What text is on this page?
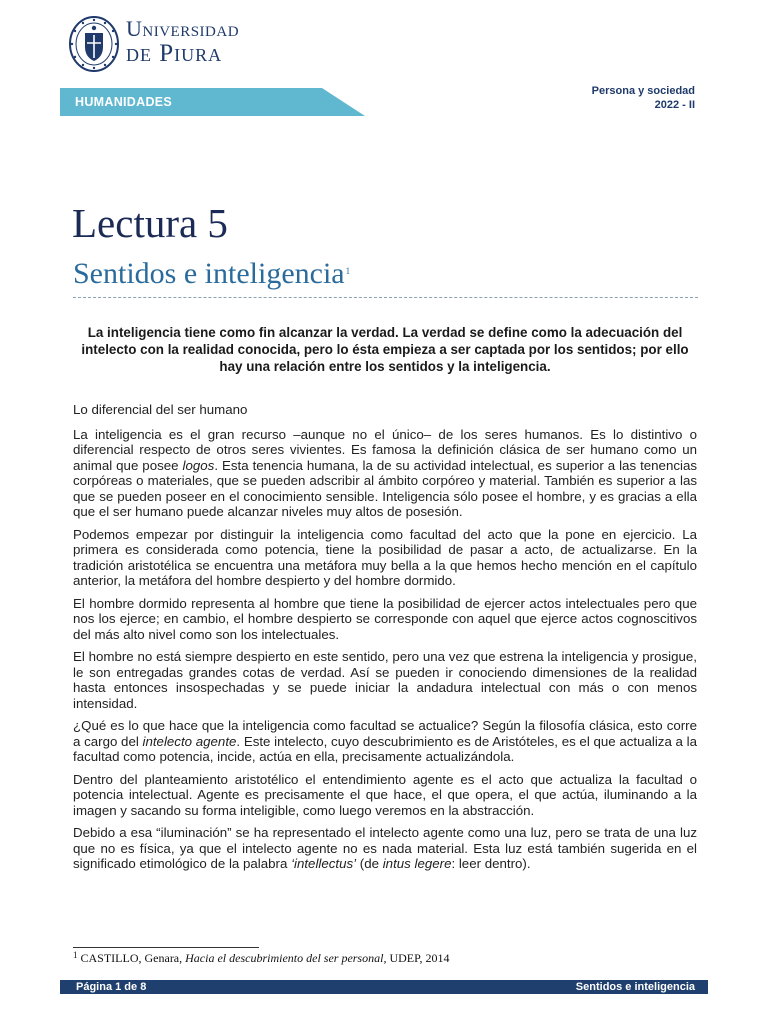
Universidad
de Piura
HUMANIDADES
Persona y sociedad
2022 - II
Lectura 5
Sentidos e inteligencia$^1$
La inteligencia tiene como fin alcanzar la verdad. La verdad se define como la adecuación del intelecto con la realidad conocida, pero lo ésta empieza a ser captada por los sentidos; por ello hay una relación entre los sentidos y la inteligencia.

Lo diferencial del ser humano

La inteligencia es el gran recurso –aunque no el único– de los seres humanos. Es lo distintivo o diferencial respecto de otros seres vivientes. Es famosa la definición clásica de ser humano como un animal que posee logos. Esta tenencia humana, la de su actividad intelectual, es superior a las tenencias corpóreas o materiales, que se pueden adscribir al ámbito corpóreo y material. También es superior a las que se pueden poseer en el conocimiento sensible. Inteligencia sólo posee el hombre, y es gracias a ella que el ser humano puede alcanzar niveles muy altos de posesión.

Podemos empezar por distinguir la inteligencia como facultad del acto que la pone en ejercicio. La primera es considerada como potencia, tiene la posibilidad de pasar a acto, de actualizarse. En la tradición aristotélica se encuentra una metáfora muy bella a la que hemos hecho mención en el capítulo anterior, la metáfora del hombre despierto y del hombre dormido.

El hombre dormido representa al hombre que tiene la posibilidad de ejercer actos intelectuales pero que nos los ejerce; en cambio, el hombre despierto se corresponde con aquel que ejerce actos cognoscitivos del más alto nivel como son los intelectuales.

El hombre no está siempre despierto en este sentido, pero una vez que estrena la inteligencia y prosigue, le son entregadas grandes cotas de verdad. Así se pueden ir conociendo dimensiones de la realidad hasta entonces insospechadas y se puede iniciar la andadura intelectual con más o con menos intensidad.

¿Qué es lo que hace que la inteligencia como facultad se actualice? Según la filosofía clásica, esto corre a cargo del intelecto agente. Este intelecto, cuyo descubrimiento es de Aristóteles, es el que actualiza a la facultad como potencia, incide, actúa en ella, precisamente actualizándola.

Dentro del planteamiento aristotélico el entendimiento agente es el acto que actualiza la facultad o potencia intelectual. Agente es precisamente el que hace, el que opera, el que actúa, iluminando a la imagen y sacando su forma inteligible, como luego veremos en la abstracción.

Debido a esa “iluminación” se ha representado el intelecto agente como una luz, pero se trata de una luz que no es física, ya que el intelecto agente no es nada material. Esta luz está también sugerida en el significado etimológico de la palabra ‘intellectus’ (de intus legere: leer dentro).

$^1$ CASTILLO, Genara, Hacia el descubrimiento del ser personal, UDEP, 2014
Página 1 de 8	Sentidos e inteligencia
